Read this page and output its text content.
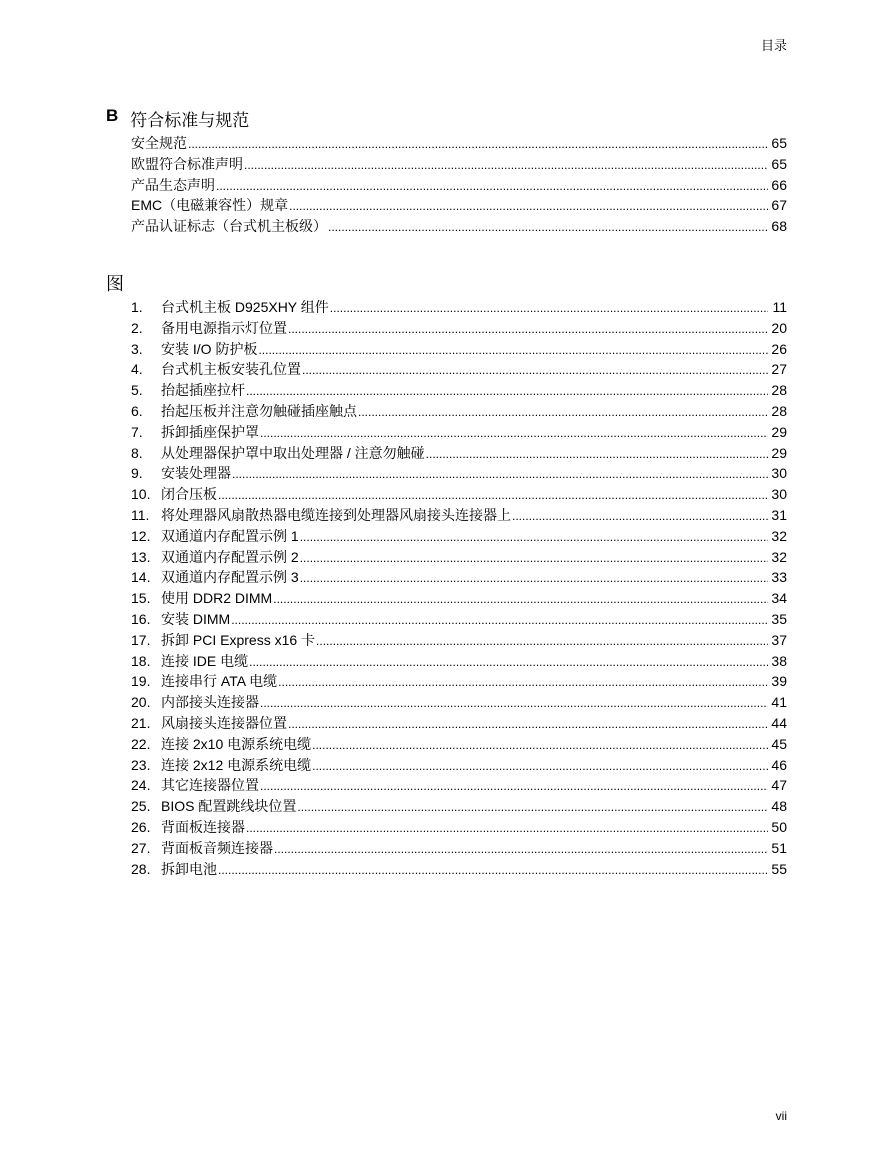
目录
B 符合标准与规范
安全规范 .....	65
欧盟符合标准声明 .....	65
产品生态声明 .....	66
EMC（电磁兼容性）规章 .....	67
产品认证标志（台式机主板级） .....	68
图
1.	台式机主板 D925XHY 组件 .....	11
2.	备用电源指示灯位置 .....	20
3.	安装 I/O 防护板 .....	26
4.	台式机主板安装孔位置 .....	27
5.	抬起插座拉杆 .....	28
6.	抬起压板并注意勿触碰插座触点 .....	28
7.	拆卸插座保护罩 .....	29
8.	从处理器保护罩中取出处理器 / 注意勿触碰 .....	29
9.	安装处理器 .....	30
10. 闭合压板 .....	30
11. 将处理器风扇散热器电缆连接到处理器风扇接头连接器上 .....	31
12. 双通道内存配置示例 1 .....	32
13. 双通道内存配置示例 2 .....	32
14. 双通道内存配置示例 3 .....	33
15. 使用 DDR2 DIMM .....	34
16. 安装 DIMM .....	35
17. 拆卸 PCI Express x16 卡 .....	37
18. 连接 IDE 电缆 .....	38
19. 连接串行 ATA 电缆 .....	39
20. 内部接头连接器 .....	41
21. 风扇接头连接器位置 .....	44
22. 连接 2x10 电源系统电缆 .....	45
23. 连接 2x12 电源系统电缆 .....	46
24. 其它连接器位置 .....	47
25. BIOS 配置跳线块位置 .....	48
26. 背面板连接器 .....	50
27. 背面板音频连接器 .....	51
28. 拆卸电池 .....	55
vii
